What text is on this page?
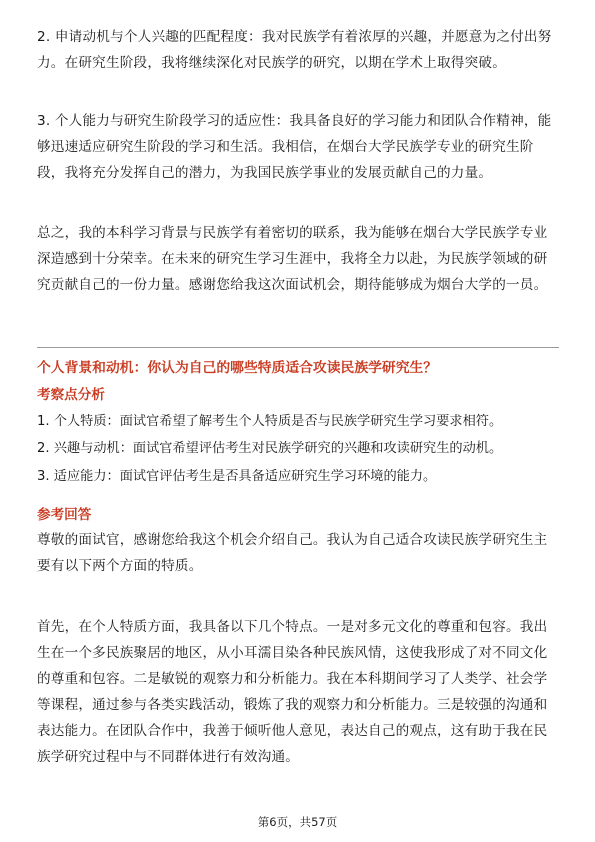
2. 申请动机与个人兴趣的匹配程度：我对民族学有着浓厚的兴趣，并愿意为之付出努力。在研究生阶段，我将继续深化对民族学的研究，以期在学术上取得突破。

3. 个人能力与研究生阶段学习的适应性：我具备良好的学习能力和团队合作精神，能够迅速适应研究生阶段的学习和生活。我相信，在烟台大学民族学专业的研究生阶段，我将充分发挥自己的潜力，为我国民族学事业的发展贡献自己的力量。

总之，我的本科学习背景与民族学有着密切的联系，我为能够在烟台大学民族学专业深造感到十分荣幸。在未来的研究生学习生涯中，我将全力以赴，为民族学领域的研究贡献自己的一份力量。感谢您给我这次面试机会，期待能够成为烟台大学的一员。

个人背景和动机：你认为自己的哪些特质适合攻读民族学研究生？

考察点分析

1. 个人特质：面试官希望了解考生个人特质是否与民族学研究生学习要求相符。

2. 兴趣与动机：面试官希望评估考生对民族学研究的兴趣和攻读研究生的动机。

3. 适应能力：面试官评估考生是否具备适应研究生学习环境的能力。

参考回答

尊敬的面试官，感谢您给我这个机会介绍自己。我认为自己适合攻读民族学研究生主要有以下两个方面的特质。

首先，在个人特质方面，我具备以下几个特点。一是对多元文化的尊重和包容。我出生在一个多民族聚居的地区，从小耳濡目染各种民族风情，这使我形成了对不同文化的尊重和包容。二是敏锐的观察力和分析能力。我在本科期间学习了人类学、社会学等课程，通过参与各类实践活动，锻炼了我的观察力和分析能力。三是较强的沟通和表达能力。在团队合作中，我善于倾听他人意见，表达自己的观点，这有助于我在民族学研究过程中与不同群体进行有效沟通。

第6页，共57页
